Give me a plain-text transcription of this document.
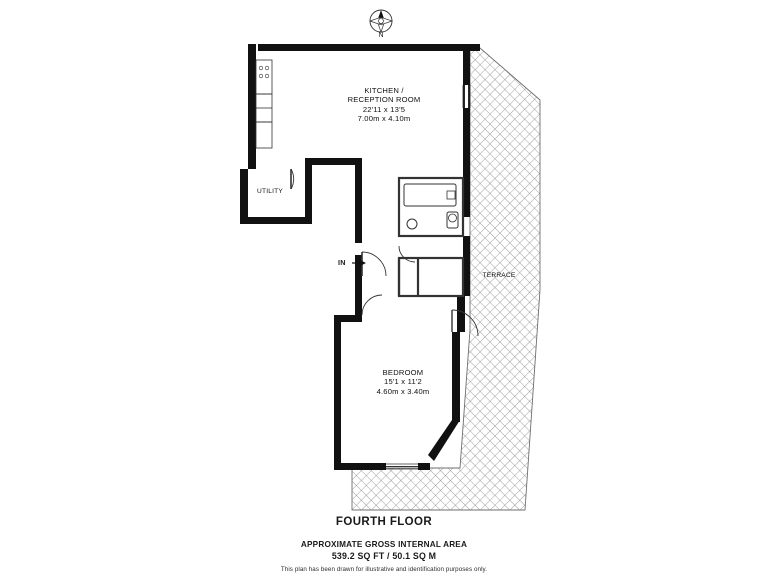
N
IN
KITCHEN /
RECEPTION ROOM
22'11 x 13'5
7.00m x 4.10m
UTILITY
TERRACE
BEDROOM
15'1 x 11'2
4.60m x 3.40m
FOURTH FLOOR
APPROXIMATE GROSS INTERNAL AREA
539.2 SQ FT / 50.1 SQ M
This plan has been drawn for illustrative and identification purposes only.
